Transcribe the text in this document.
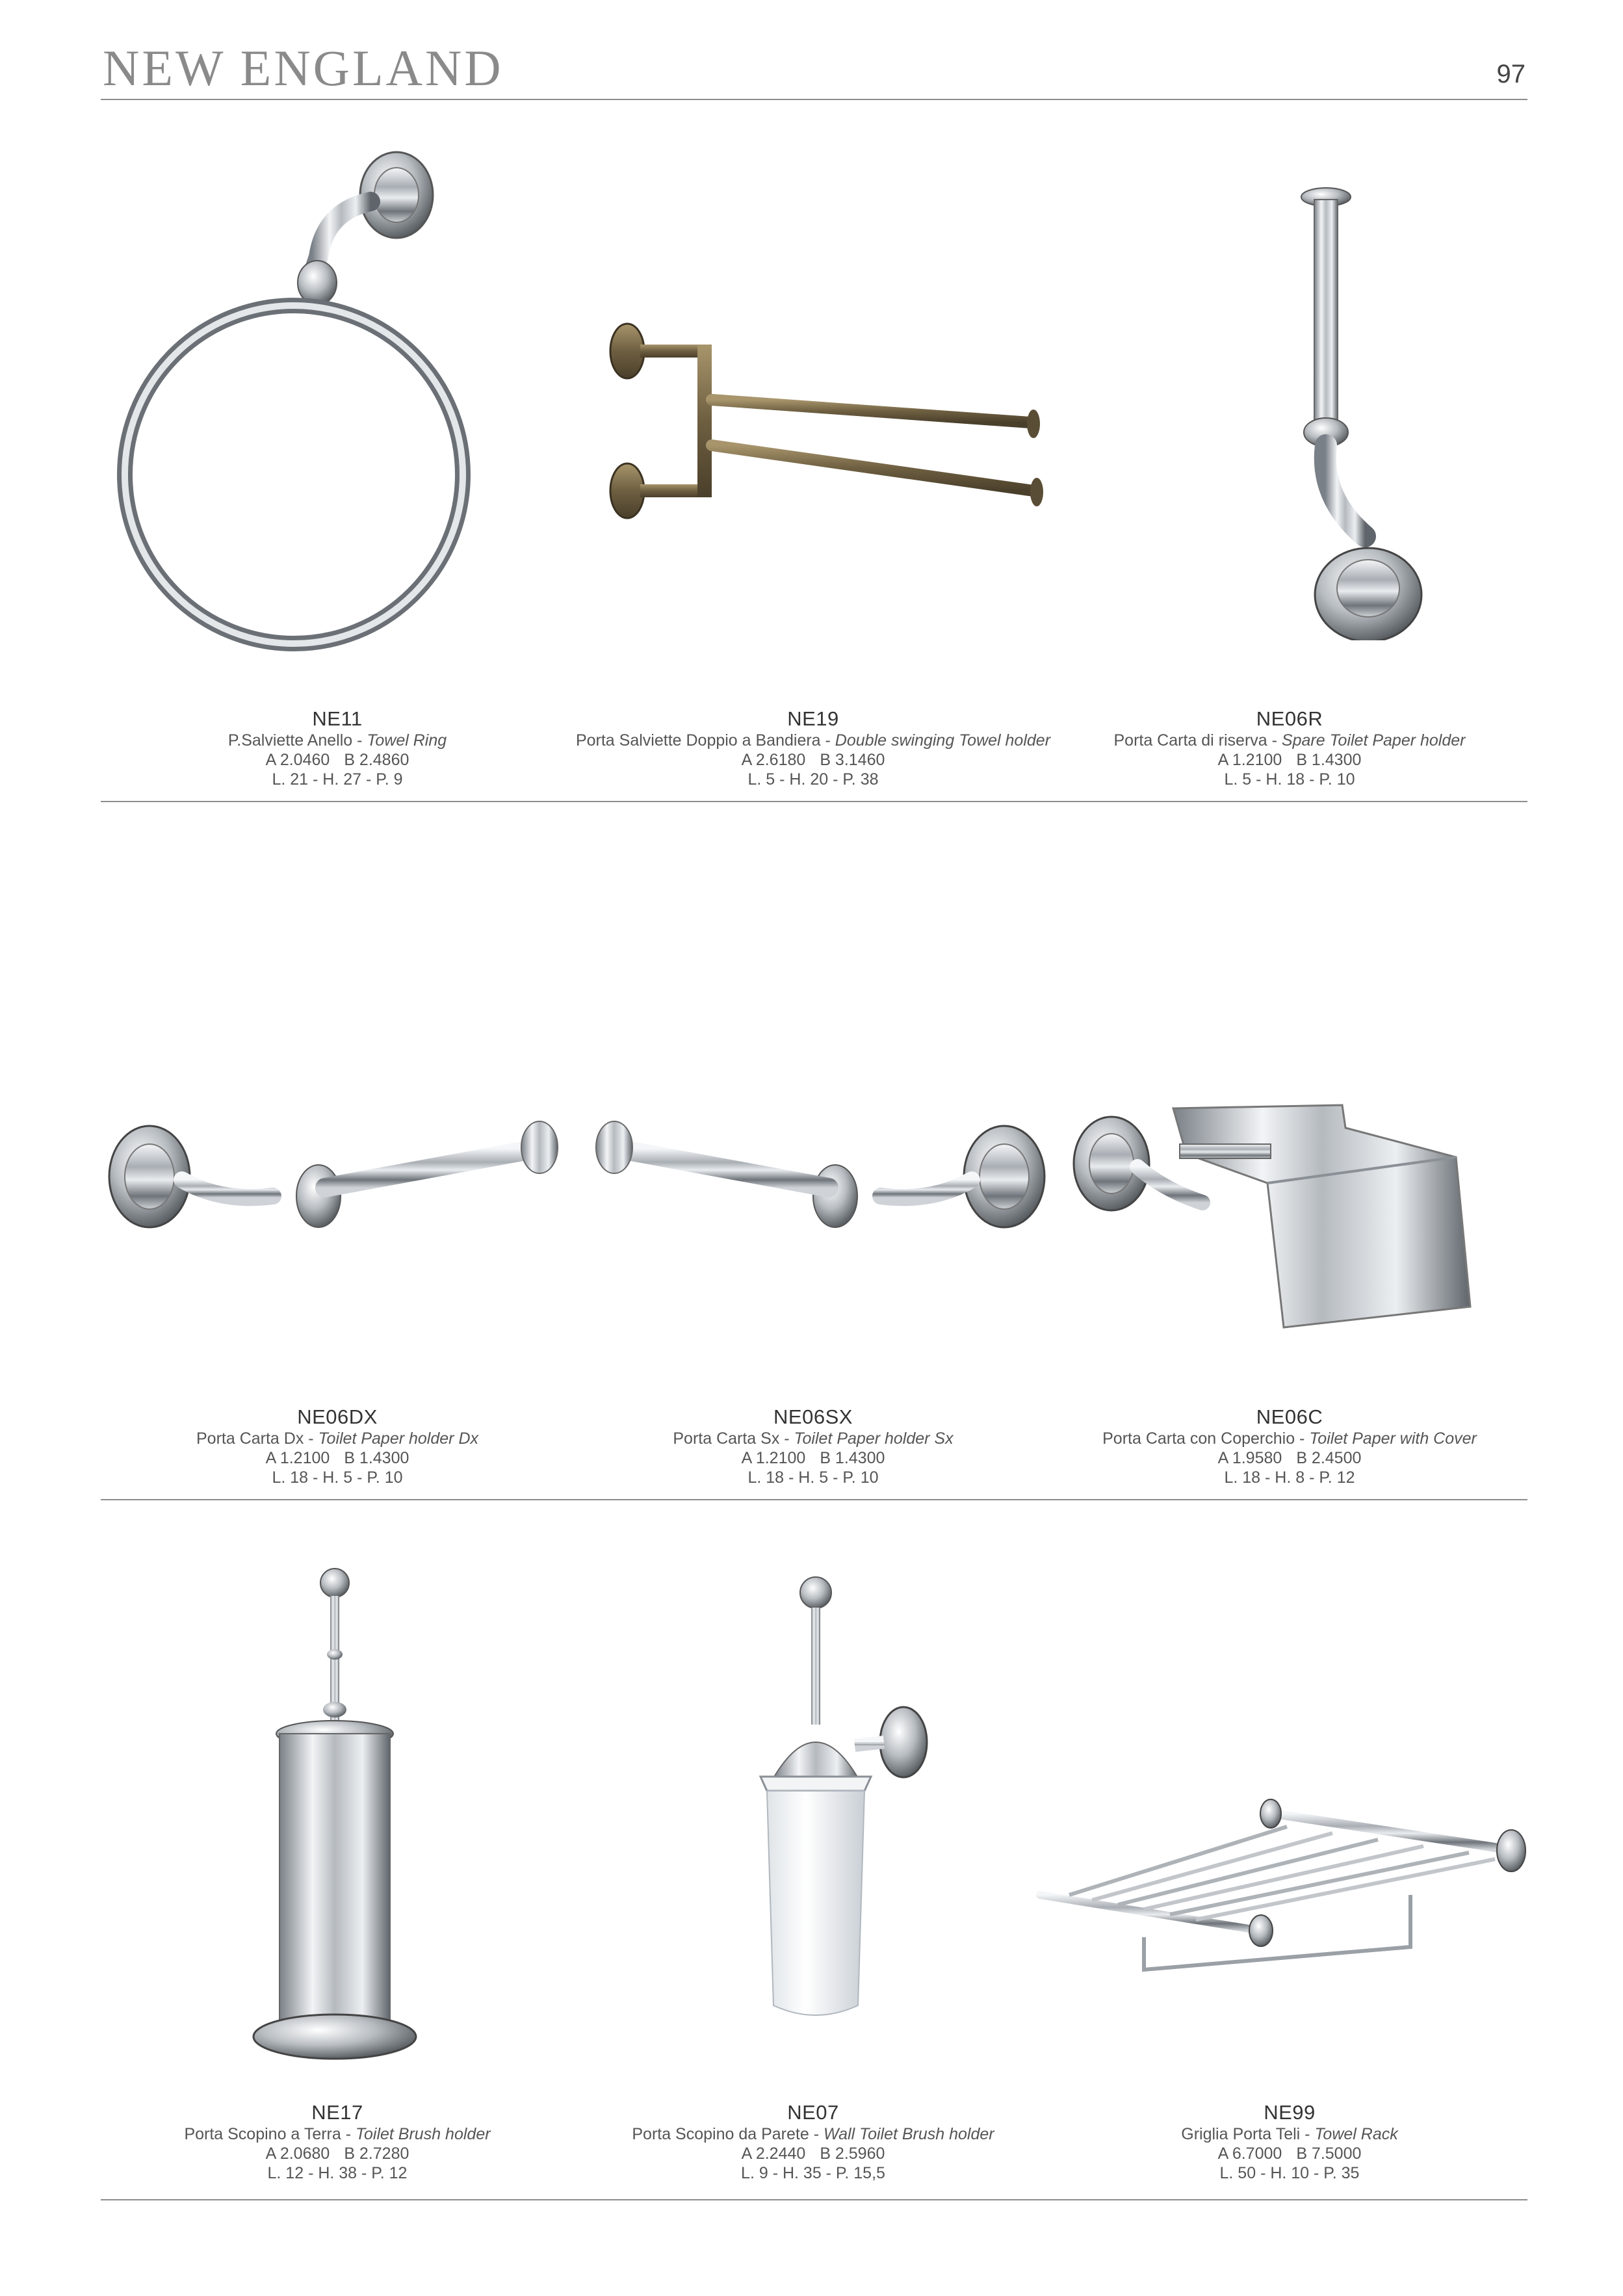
NEW ENGLAND	97
NE11
P.Salviette Anello - Towel Ring
A 2.0460 B 2.4860
L. 21 - H. 27 - P. 9
NE19
Porta Salviette Doppio a Bandiera - Double swinging Towel holder
A 2.6180 B 3.1460
L. 5 - H. 20 - P. 38
NE06R
Porta Carta di riserva - Spare Toilet Paper holder
A 1.2100 B 1.4300
L. 5 - H. 18 - P. 10
NE06DX
Porta Carta Dx - Toilet Paper holder Dx
A 1.2100 B 1.4300
L. 18 - H. 5 - P. 10
NE06SX
Porta Carta Sx - Toilet Paper holder Sx
A 1.2100 B 1.4300
L. 18 - H. 5 - P. 10
NE06C
Porta Carta con Coperchio - Toilet Paper with Cover
A 1.9580 B 2.4500
L. 18 - H. 8 - P. 12
NE17
Porta Scopino a Terra - Toilet Brush holder
A 2.0680 B 2.7280
L. 12 - H. 38 - P. 12
NE07
Porta Scopino da Parete - Wall Toilet Brush holder
A 2.2440 B 2.5960
L. 9 - H. 35 - P. 15,5
NE99
Griglia Porta Teli - Towel Rack
A 6.7000 B 7.5000
L. 50 - H. 10 - P. 35
